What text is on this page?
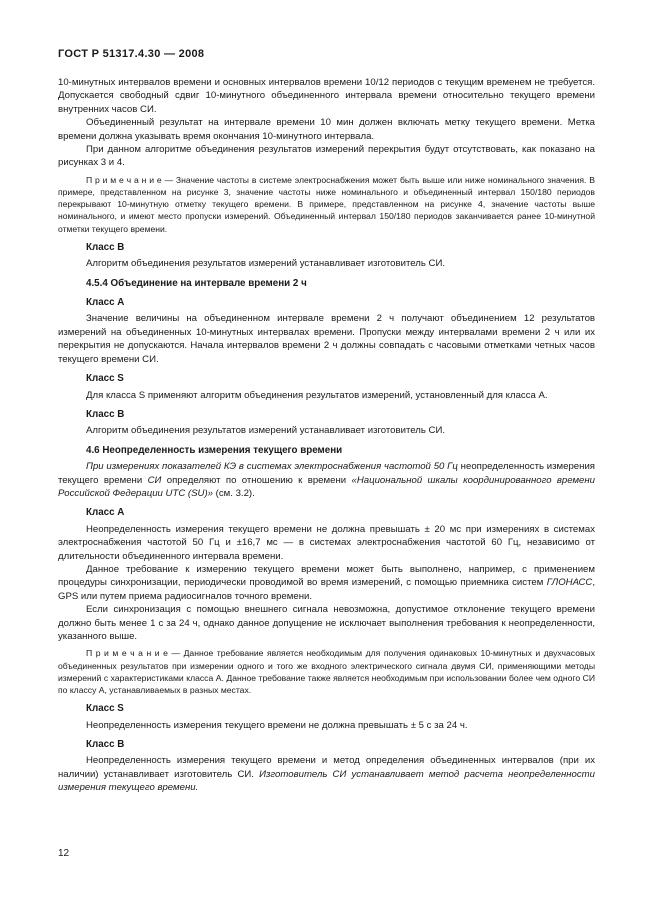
ГОСТ Р 51317.4.30 — 2008

10-минутных интервалов времени и основных интервалов времени 10/12 периодов с текущим временем не требуется. Допускается свободный сдвиг 10-минутного объединенного интервала времени относительно текущего времени внутренних часов СИ.

Объединенный результат на интервале времени 10 мин должен включать метку текущего времени. Метка времени должна указывать время окончания 10-минутного интервала.

При данном алгоритме объединения результатов измерений перекрытия будут отсутствовать, как показано на рисунках 3 и 4.

П р и м е ч а н и е — Значение частоты в системе электроснабжения может быть выше или ниже номинального значения. В примере, представленном на рисунке 3, значение частоты ниже номинального и объединенный интервал 150/180 периодов перекрывают 10-минутную отметку текущего времени. В примере, представленном на рисунке 4, значение частоты выше номинального, и имеют место пропуски измерений. Объединенный интервал 150/180 периодов заканчивается ранее 10-минутной отметки текущего времени.

Класс В

Алгоритм объединения результатов измерений устанавливает изготовитель СИ.

4.5.4 Объединение на интервале времени 2 ч
Класс А

Значение величины на объединенном интервале времени 2 ч получают объединением 12 результатов измерений на объединенных 10-минутных интервалах времени. Пропуски между интервалами времени 2 ч или их перекрытия не допускаются. Начала интервалов времени 2 ч должны совпадать с часовыми отметками четных часов текущего времени СИ.

Класс S

Для класса S применяют алгоритм объединения результатов измерений, установленный для класса А.

Класс В

Алгоритм объединения результатов измерений устанавливает изготовитель СИ.

4.6 Неопределенность измерения текущего времени

При измерениях показателей КЭ в системах электроснабжения частотой 50 Гц неопределенность измерения текущего времени СИ определяют по отношению к времени «Национальной шкалы координированного времени Российской Федерации UTC (SU)» (см. 3.2).

Класс А

Неопределенность измерения текущего времени не должна превышать ± 20 мс при измерениях в системах электроснабжения частотой 50 Гц и ±16,7 мс — в системах электроснабжения частотой 60 Гц, независимо от длительности объединенного интервала времени.

Данное требование к измерению текущего времени может быть выполнено, например, с применением процедуры синхронизации, периодически проводимой во время измерений, с помощью приемника систем ГЛОНАСС, GPS или путем приема радиосигналов точного времени.

Если синхронизация с помощью внешнего сигнала невозможна, допустимое отклонение текущего времени должно быть менее 1 с за 24 ч, однако данное допущение не исключает выполнения требования к неопределенности, указанного выше.

П р и м е ч а н и е — Данное требование является необходимым для получения одинаковых 10-минутных и двухчасовых объединенных результатов при измерении одного и того же входного электрического сигнала двумя СИ, применяющими методы измерений с характеристиками класса А. Данное требование также является необходимым при использовании более чем одного СИ по классу А, устанавливаемых в разных местах.

Класс S

Неопределенность измерения текущего времени не должна превышать ± 5 с за 24 ч.

Класс В

Неопределенность измерения текущего времени и метод определения объединенных интервалов (при их наличии) устанавливает изготовитель СИ. Изготовитель СИ устанавливает метод расчета неопределенности измерения текущего времени.

12
